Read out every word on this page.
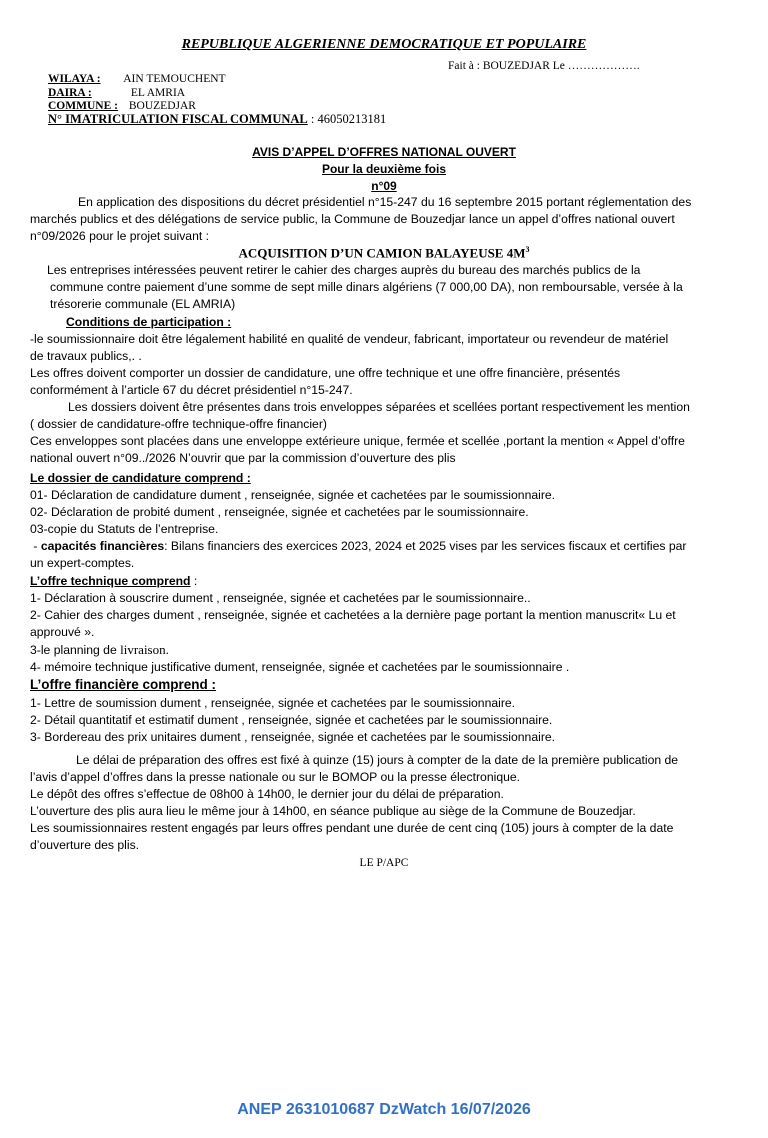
REPUBLIQUE ALGERIENNE DEMOCRATIQUE ET POPULAIRE
Fait à : BOUZEDJAR Le ……………….
WILAYA : AIN TEMOUCHENT
DAIRA :	EL AMRIA
COMMUNE : BOUZEDJAR
N° IMATRICULATION FISCAL COMMUNAL : 46050213181
AVIS D’APPEL D’OFFRES NATIONAL OUVERT
Pour la deuxième fois
n°09
En application des dispositions du décret présidentiel n°15-247 du 16 septembre 2015 portant réglementation des
marchés publics et des délégations de service public, la Commune de Bouzedjar lance un appel d’offres national ouvert
n°09/2026 pour le projet suivant :
ACQUISITION D’UN CAMION BALAYEUSE $4M^3$
Les entreprises intéressées peuvent retirer le cahier des charges auprès du bureau des marchés publics de la
commune contre paiement d’une somme de sept mille dinars algériens (7 000,00 DA), non remboursable, versée à la
trésorerie communale (EL AMRIA)
Conditions de participation :
-le soumissionnaire doit être légalement habilité en qualité de vendeur, fabricant, importateur ou revendeur de matériel
de travaux publics,. .
Les offres doivent comporter un dossier de candidature, une offre technique et une offre financière, présentés
conformément à l’article 67 du décret présidentiel n°15-247.
Les dossiers doivent être présentes dans trois enveloppes séparées et scellées portant respectivement les mention
( dossier de candidature-offre technique-offre financier)
Ces enveloppes sont placées dans une enveloppe extérieure unique, fermée et scellée ,portant la mention « Appel d’offre
national ouvert n°09../2026 N’ouvrir que par la commission d’ouverture des plis
Le dossier de candidature comprend :
01- Déclaration de candidature dument , renseignée, signée et cachetées par le soumissionnaire.
02- Déclaration de probité dument , renseignée, signée et cachetées par le soumissionnaire.
03-copie du Statuts de l’entreprise.
- capacités financières: Bilans financiers des exercices 2023, 2024 et 2025 vises par les services fiscaux et certifies par
un expert-comptes.
L’offre technique comprend :
1- Déclaration à souscrire dument , renseignée, signée et cachetées par le soumissionnaire..
2- Cahier des charges dument , renseignée, signée et cachetées a la dernière page portant la mention manuscrit« Lu et
approuvé ».
3-le planning de livraison.
4- mémoire technique justificative dument, renseignée, signée et cachetées par le soumissionnaire .
L’offre financière comprend :
1- Lettre de soumission dument , renseignée, signée et cachetées par le soumissionnaire.
2- Détail quantitatif et estimatif dument , renseignée, signée et cachetées par le soumissionnaire.
3- Bordereau des prix unitaires dument , renseignée, signée et cachetées par le soumissionnaire.
Le délai de préparation des offres est fixé à quinze (15) jours à compter de la date de la première publication de
l’avis d’appel d’offres dans la presse nationale ou sur le BOMOP ou la presse électronique.
Le dépôt des offres s’effectue de 08h00 à 14h00, le dernier jour du délai de préparation.
L’ouverture des plis aura lieu le même jour à 14h00, en séance publique au siège de la Commune de Bouzedjar.
Les soumissionnaires restent engagés par leurs offres pendant une durée de cent cinq (105) jours à compter de la date
d’ouverture des plis.
LE P/APC
ANEP 2631010687 DzWatch 16/07/2026
